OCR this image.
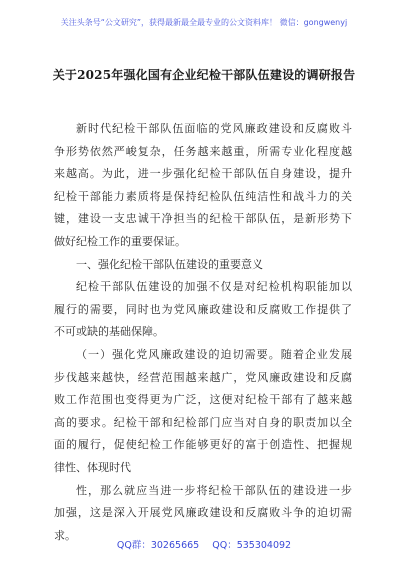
关注头条号“公文研究”，获得最新最全最专业的公文资料库！ 微信：gongwenyj
关于2025年强化国有企业纪检干部队伍建设的调研报告
新时代纪检干部队伍面临的党风廉政建设和反腐败斗
争形势依然严峻复杂，任务越来越重，所需专业化程度越
来越高。为此，进一步强化纪检干部队伍自身建设，提升
纪检干部能力素质将是保持纪检队伍纯洁性和战斗力的关
键，建设一支忠诚干净担当的纪检干部队伍，是新形势下
做好纪检工作的重要保证。
一、强化纪检干部队伍建设的重要意义
纪检干部队伍建设的加强不仅是对纪检机构职能加以
履行的需要，同时也为党风廉政建设和反腐败工作提供了
不可或缺的基础保障。
（一）强化党风廉政建设的迫切需要。随着企业发展
步伐越来越快，经营范围越来越广，党风廉政建设和反腐
败工作范围也变得更为广泛，这便对纪检干部有了越来越
高的要求。纪检干部和纪检部门应当对自身的职责加以全
面的履行，促使纪检工作能够更好的富于创造性、把握规
律性、体现时代
性，那么就应当进一步将纪检干部队伍的建设进一步
加强，这是深入开展党风廉政建设和反腐败斗争的迫切需
求。
QQ群：30265665 QQ：535304092
